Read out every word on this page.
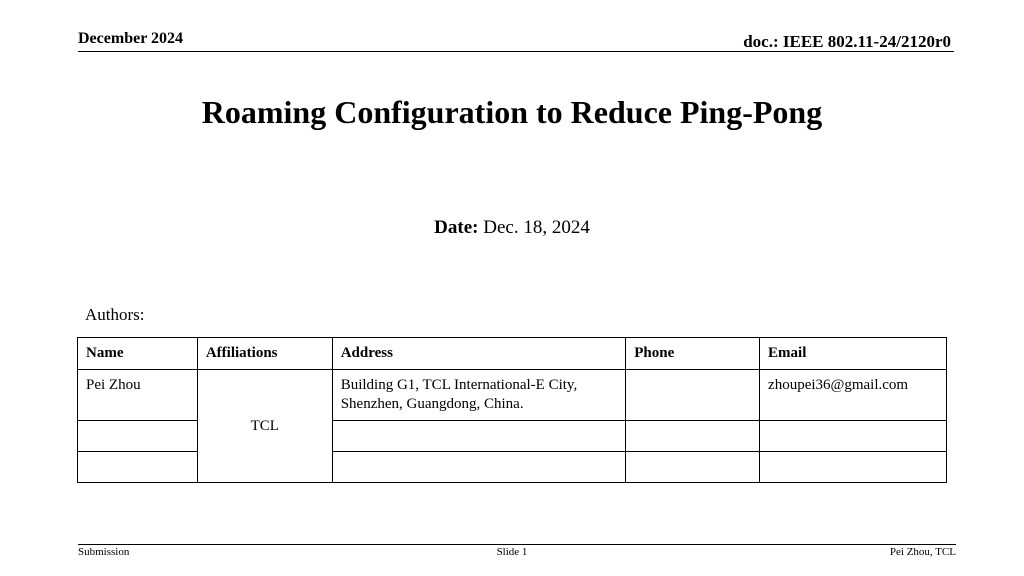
December 2024	doc.: IEEE 802.11-24/2120r0
Roaming Configuration to Reduce Ping-Pong
Date: Dec. 18, 2024
Authors:
Name	Affiliations	Address	Phone	Email
Pei Zhou	TCL	Building G1, TCL International-E City, Shenzhen, Guangdong, China.		zhoupei36@gmail.com

Submission	Slide 1	Pei Zhou, TCL
